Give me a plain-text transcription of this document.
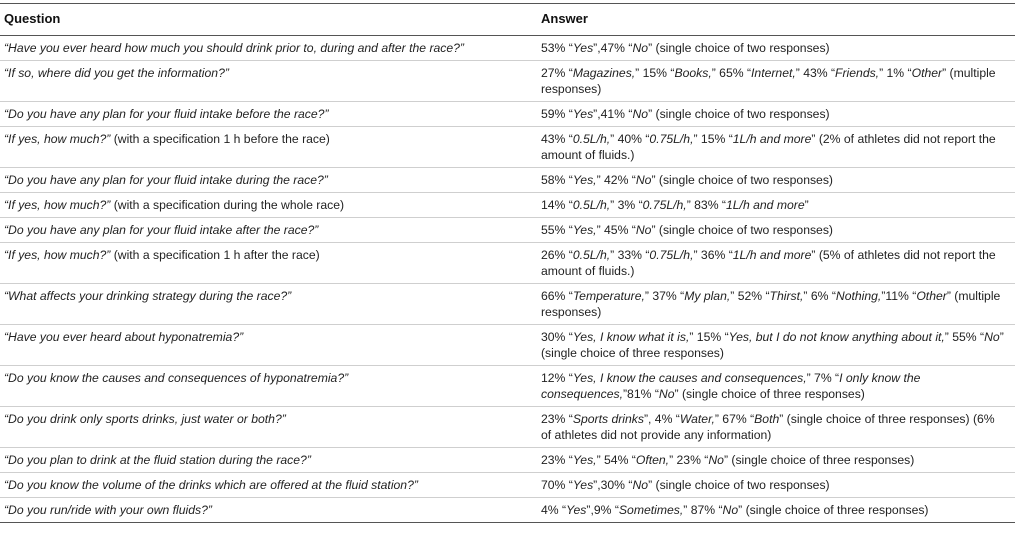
Question	Answer
“Have you ever heard how much you should drink prior to, during and after the race?”	53% “Yes”,47% “No” (single choice of two responses)
“If so, where did you get the information?”	27% “Magazines,” 15% “Books,” 65% “Internet,” 43% “Friends,” 1% “Other” (multiple responses)
“Do you have any plan for your fluid intake before the race?”	59% “Yes”,41% “No” (single choice of two responses)
“If yes, how much?” (with a specification 1 h before the race)	43% “0.5L/h,” 40% “0.75L/h,” 15% “1L/h and more” (2% of athletes did not report the amount of fluids.)
“Do you have any plan for your fluid intake during the race?”	58% “Yes,” 42% “No” (single choice of two responses)
“If yes, how much?” (with a specification during the whole race)	14% “0.5L/h,” 3% “0.75L/h,” 83% “1L/h and more”
“Do you have any plan for your fluid intake after the race?”	55% “Yes,” 45% “No” (single choice of two responses)
“If yes, how much?” (with a specification 1 h after the race)	26% “0.5L/h,” 33% “0.75L/h,” 36% “1L/h and more” (5% of athletes did not report the amount of fluids.)
“What affects your drinking strategy during the race?”	66% “Temperature,” 37% “My plan,” 52% “Thirst,” 6% “Nothing,”11% “Other” (multiple responses)
“Have you ever heard about hyponatremia?”	30% “Yes, I know what it is,” 15% “Yes, but I do not know anything about it,” 55% “No” (single choice of three responses)
“Do you know the causes and consequences of hyponatremia?”	12% “Yes, I know the causes and consequences,” 7% “I only know the consequences,”81% “No” (single choice of three responses)
“Do you drink only sports drinks, just water or both?”	23% “Sports drinks”, 4% “Water,” 67% “Both” (single choice of three responses) (6% of athletes did not provide any information)
“Do you plan to drink at the fluid station during the race?”	23% “Yes,” 54% “Often,” 23% “No” (single choice of three responses)
“Do you know the volume of the drinks which are offered at the fluid station?”	70% “Yes”,30% “No” (single choice of two responses)
“Do you run/ride with your own fluids?”	4% “Yes”,9% “Sometimes,” 87% “No” (single choice of three responses)
